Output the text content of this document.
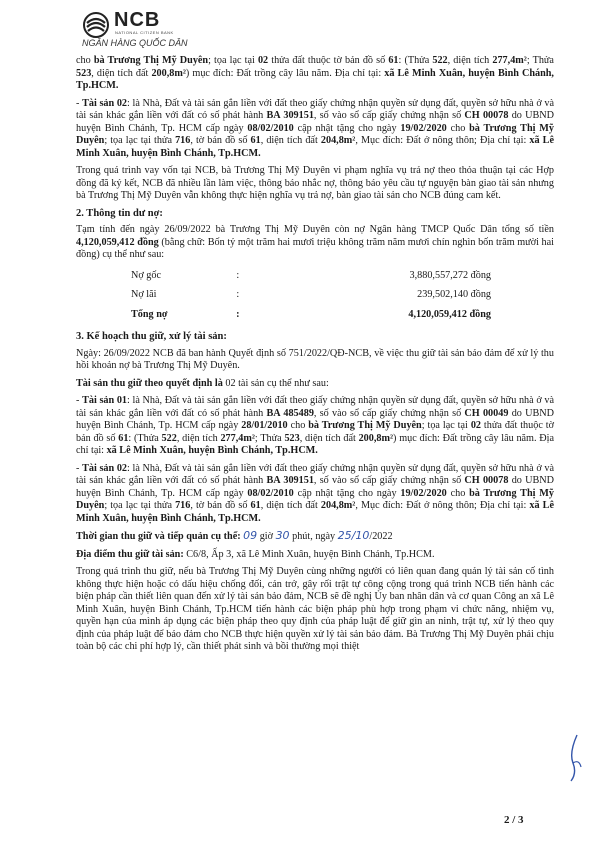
NCB
NATIONAL CITIZEN BANK
NGÂN HÀNG QUỐC DÂN

cho bà Trương Thị Mỹ Duyên; tọa lạc tại 02 thửa đất thuộc tờ bản đồ số 61: (Thửa 522, diện tích 277,4m²; Thửa 523, diện tích đất 200,8m²) mục đích: Đất trồng cây lâu năm. Địa chỉ tại: xã Lê Minh Xuân, huyện Bình Chánh, Tp.HCM.

- Tài sản 02: là Nhà, Đất và tài sản gắn liền với đất theo giấy chứng nhận quyền sử dụng đất, quyền sở hữu nhà ở và tài sản khác gắn liền với đất có số phát hành BA 309151, số vào sổ cấp giấy chứng nhận số CH 00078 do UBND huyện Bình Chánh, Tp. HCM cấp ngày 08/02/2010 cập nhật tặng cho ngày 19/02/2020 cho bà Trương Thị Mỹ Duyên; tọa lạc tại thửa 716, tờ bản đồ số 61, diện tích đất 204,8m², Mục đích: Đất ở nông thôn; Địa chỉ tại: xã Lê Minh Xuân, huyện Bình Chánh, Tp.HCM.

Trong quá trình vay vốn tại NCB, bà Trương Thị Mỹ Duyên vi phạm nghĩa vụ trả nợ theo thỏa thuận tại các Hợp đồng đã ký kết, NCB đã nhiều lần làm việc, thông báo nhắc nợ, thông báo yêu cầu tự nguyện bàn giao tài sản nhưng bà Trương Thị Mỹ Duyên vẫn không thực hiện nghĩa vụ trả nợ, bàn giao tài sản cho NCB đúng cam kết.

2. Thông tin dư nợ:

Tạm tính đến ngày 26/09/2022 bà Trương Thị Mỹ Duyên còn nợ Ngân hàng TMCP Quốc Dân tổng số tiền 4,120,059,412 đồng (bằng chữ: Bốn tỷ một trăm hai mươi triệu không trăm năm mươi chín nghìn bốn trăm mười hai đồng) cụ thể như sau:

Nợ gốc	:	3,880,557,272 đồng
Nợ lãi	:	239,502,140 đồng
Tổng nợ	:	4,120,059,412 đồng
3. Kế hoạch thu giữ, xử lý tài sản:

Ngày: 26/09/2022 NCB đã ban hành Quyết định số 751/2022/QĐ-NCB, về việc thu giữ tài sản bảo đảm để xử lý thu hồi khoản nợ bà Trương Thị Mỹ Duyên.

Tài sản thu giữ theo quyết định là 02 tài sản cụ thể như sau:

- Tài sản 01: là Nhà, Đất và tài sản gắn liền với đất theo giấy chứng nhận quyền sử dụng đất, quyền sở hữu nhà ở và tài sản khác gắn liền với đất có số phát hành BA 485489, số vào sổ cấp giấy chứng nhận số CH 00049 do UBND huyện Bình Chánh, Tp. HCM cấp ngày 28/01/2010 cho bà Trương Thị Mỹ Duyên; tọa lạc tại 02 thửa đất thuộc tờ bản đồ số 61: (Thửa 522, diện tích 277,4m²; Thửa 523, diện tích đất 200,8m²) mục đích: Đất trồng cây lâu năm. Địa chỉ tại: xã Lê Minh Xuân, huyện Bình Chánh, Tp.HCM.

- Tài sản 02: là Nhà, Đất và tài sản gắn liền với đất theo giấy chứng nhận quyền sử dụng đất, quyền sở hữu nhà ở và tài sản khác gắn liền với đất có số phát hành BA 309151, số vào sổ cấp giấy chứng nhận số CH 00078 do UBND huyện Bình Chánh, Tp. HCM cấp ngày 08/02/2010 cập nhật tặng cho ngày 19/02/2020 cho bà Trương Thị Mỹ Duyên; tọa lạc tại thửa 716, tờ bản đồ số 61, diện tích đất 204,8m², Mục đích: Đất ở nông thôn; Địa chỉ tại: xã Lê Minh Xuân, huyện Bình Chánh, Tp.HCM.

Thời gian thu giữ và tiếp quản cụ thể: 09 giờ 30 phút, ngày 25/10/2022

Địa điểm thu giữ tài sản: C6/8, Ấp 3, xã Lê Minh Xuân, huyện Bình Chánh, Tp.HCM.

Trong quá trình thu giữ, nếu bà Trương Thị Mỹ Duyên cùng những người có liên quan đang quản lý tài sản cố tình không thực hiện hoặc có dấu hiệu chống đối, cản trở, gây rối trật tự công cộng trong quá trình NCB tiến hành các biện pháp cần thiết liên quan đến xử lý tài sản bảo đảm, NCB sẽ đề nghị Ủy ban nhân dân và cơ quan Công an xã Lê Minh Xuân, huyện Bình Chánh, Tp.HCM tiến hành các biện pháp phù hợp trong phạm vi chức năng, nhiệm vụ, quyền hạn của mình áp dụng các biện pháp theo quy định của pháp luật để giữ gìn an ninh, trật tự, xử lý theo quy định của pháp luật để bảo đảm cho NCB thực hiện quyền xử lý tài sản bảo đảm. Bà Trương Thị Mỹ Duyên phải chịu toàn bộ các chi phí hợp lý, cần thiết phát sinh và bồi thường mọi thiệt

2 / 3
